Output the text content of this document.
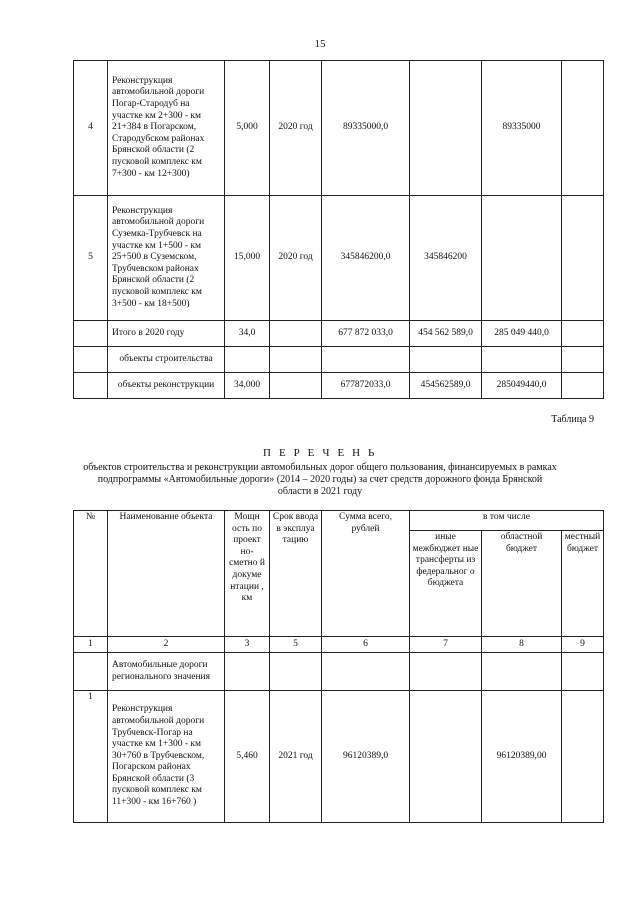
15
4	Реконструкция автомобильной дороги Погар-Стародуб на участке км 2+300 - км 21+384 в Погарском, Стародубском районах Брянской области (2 пусковой комплекс км 7+300 - км 12+300)	5,000	2020 год	89335000,0		89335000	
5	Реконструкция автомобильной дороги Суземка-Трубчевск на участке км 1+500 - км 25+500 в Суземском, Трубчевском районах Брянской области (2 пусковой комплекс км 3+500 - км 18+500)	15,000	2020 год	345846200,0	345846200		
	Итого в 2020 году	34,0		677 872 033,0	454 562 589,0	285 049 440,0	
	объекты строительства						
	объекты реконструкции	34,000		677872033,0	454562589,0	285049440,0	
Таблица 9
П Е Р Е Ч Е Н Ь
объектов строительства и реконструкции автомобильных дорог общего пользования, финансируемых в рамках подпрограммы «Автомобильные дороги» (2014 – 2020 годы) за счет средств дорожного фонда Брянской области в 2021 году
№	Наименование объекта	Мощн ость по проект но-сметно й докуме нтации , км	Срок ввода в эксплуа тацию	Сумма всего, рублей	в том числе		
					иные межбюджет ные трансферты из федеральног о бюджета	областной бюджет	местный бюджет
1	2	3	5	6	7	8	9
	Автомобильные дороги регионального значения						
1	Реконструкция автомобильной дороги Трубчевск-Погар на участке км 1+300 - км 30+760 в Трубчевском, Погарском районах Брянской области (3 пусковой комплекс км 11+300 - км 16+760 )	5,460	2021 год	96120389,0		96120389,00	
